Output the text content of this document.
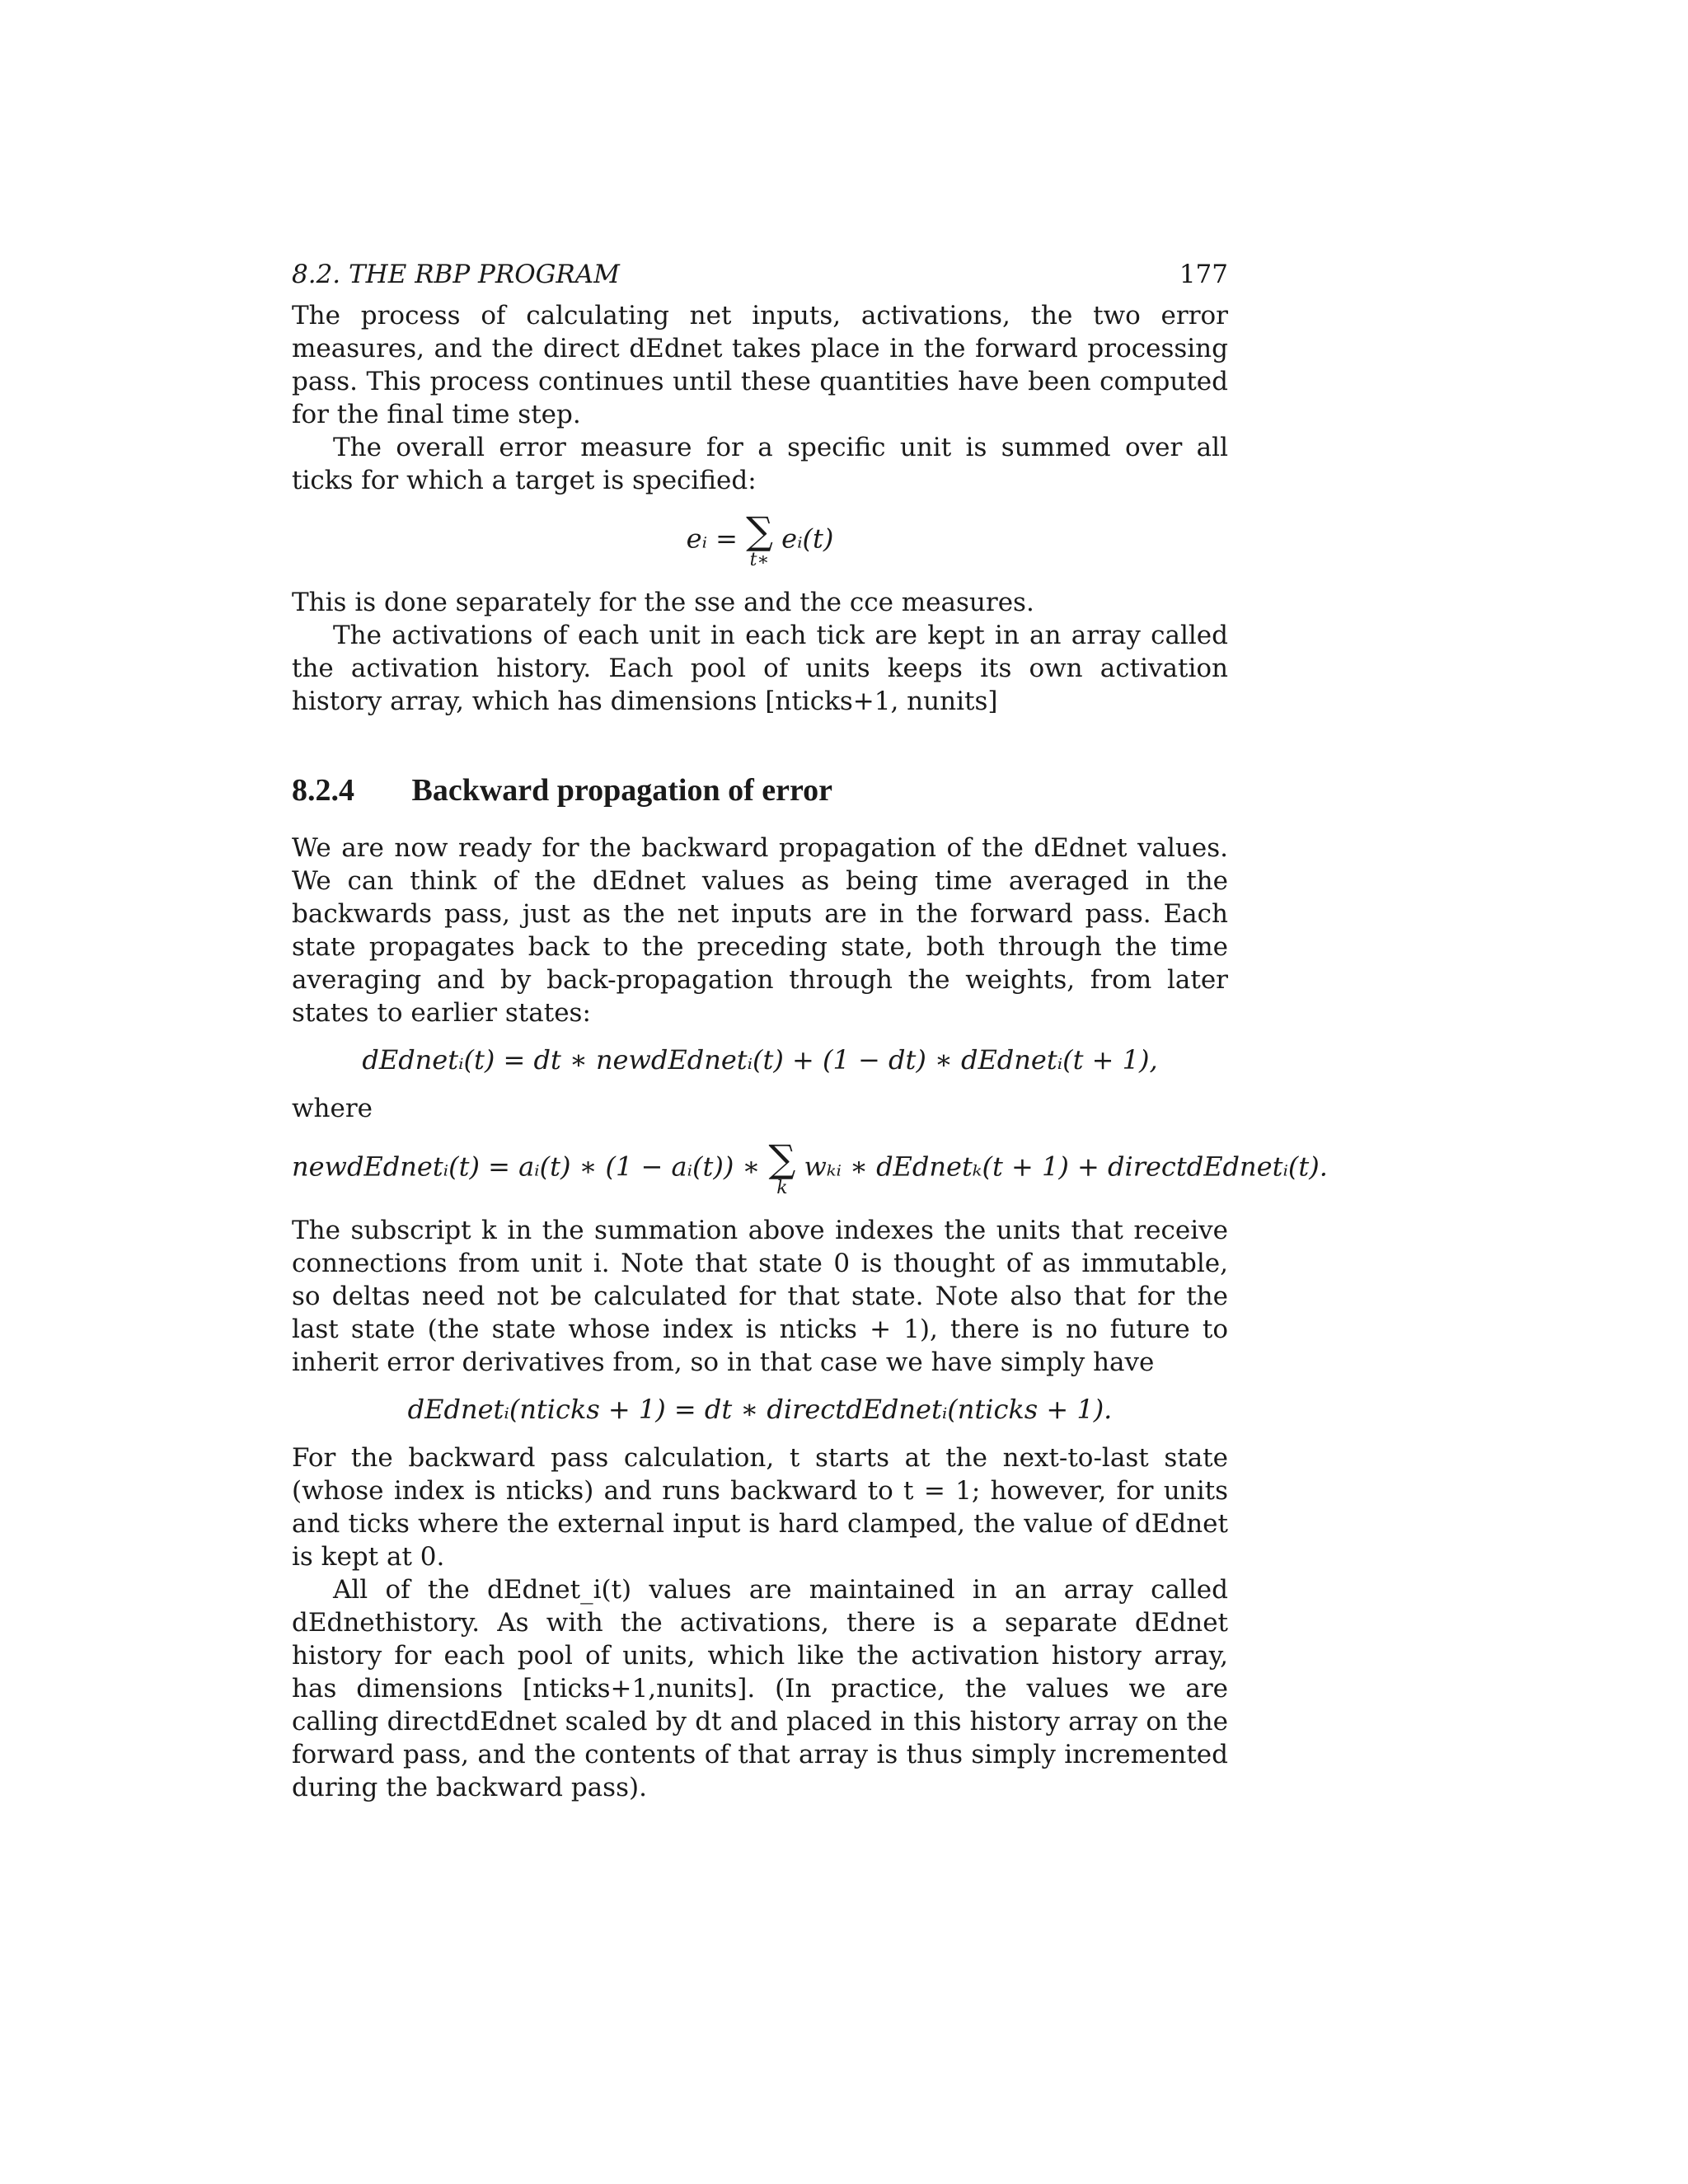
8.2. THE RBP PROGRAM	177

The process of calculating net inputs, activations, the two error measures, and the direct dEdnet takes place in the forward processing pass. This process continues until these quantities have been computed for the final time step.

The overall error measure for a specific unit is summed over all ticks for which a target is specified:

eᵢ = ∑
t∗
eᵢ(t)

This is done separately for the sse and the cce measures.

The activations of each unit in each tick are kept in an array called the activation history. Each pool of units keeps its own activation history array, which has dimensions [nticks+1, nunits]

8.2.4 Backward propagation of error

We are now ready for the backward propagation of the dEdnet values. We can think of the dEdnet values as being time averaged in the backwards pass, just as the net inputs are in the forward pass. Each state propagates back to the preceding state, both through the time averaging and by back-propagation through the weights, from later states to earlier states:

dEdnetᵢ(t) = dt ∗ newdEdnetᵢ(t) + (1 − dt) ∗ dEdnetᵢ(t + 1),

where

newdEdnetᵢ(t) = aᵢ(t) ∗ (1 − aᵢ(t)) ∗ ∑
k
wₖᵢ ∗ dEdnetₖ(t + 1) + directdEdnetᵢ(t).

The subscript k in the summation above indexes the units that receive connections from unit i. Note that state 0 is thought of as immutable, so deltas need not be calculated for that state. Note also that for the last state (the state whose index is nticks + 1), there is no future to inherit error derivatives from, so in that case we have simply have

dEdnetᵢ(nticks + 1) = dt ∗ directdEdnetᵢ(nticks + 1).

For the backward pass calculation, t starts at the next-to-last state (whose index is nticks) and runs backward to t = 1; however, for units and ticks where the external input is hard clamped, the value of dEdnet is kept at 0.

All of the dEdnet_i(t) values are maintained in an array called dEdnethistory. As with the activations, there is a separate dEdnet history for each pool of units, which like the activation history array, has dimensions [nticks+1,nunits]. (In practice, the values we are calling directdEdnet scaled by dt and placed in this history array on the forward pass, and the contents of that array is thus simply incremented during the backward pass).
